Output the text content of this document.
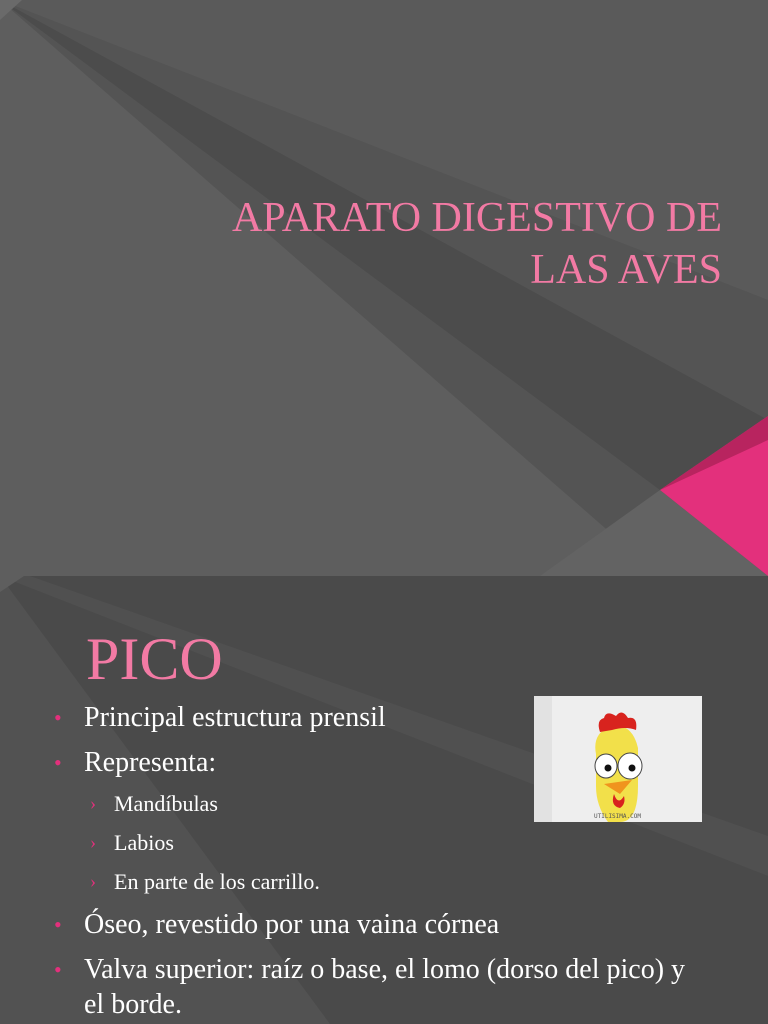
APARATO DIGESTIVO DE
LAS AVES
PICO
UTILISIMA.COM
• Principal estructura prensil
• Representa:
› Mandíbulas
› Labios
› En parte de los carrillo.
• Óseo, revestido por una vaina córnea
• Valva superior: raíz o base, el lomo (dorso del pico) y el borde.
